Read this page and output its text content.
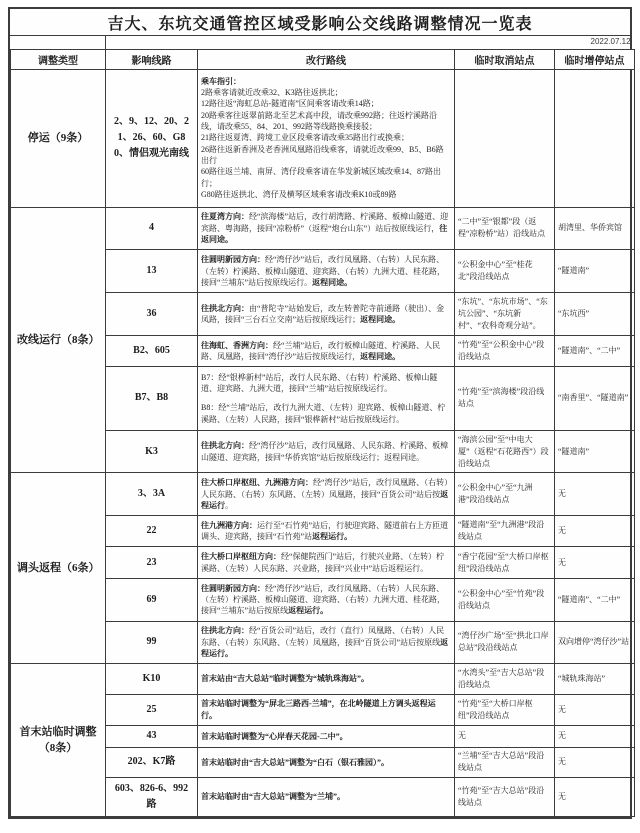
吉大、东坑交通管控区域受影响公交线路调整情况一览表
	2022.07.12			
调整类型	影响线路	改行路线	临时取消站点	临时增停站点
停运（9条）	2、9、12、20、21、26、60、G80、情侣观光南线	
乘车指引：
2路乘客请就近改乘32、K3路往返拱北；
12路往返“海虹总站-隧道南”区间乘客请改乘14路；
20路乘客往返翠前路北至艺术高中段，请改乘992路；往返柠溪路沿线，请改乘55、84、201、992路等线路换乘接驳；
21路往返夏湾、跨境工业区段乘客请改乘35路出行或换乘；
26路往返新香洲及老香洲凤凰路沿线乘客，请就近改乘99、B5、B6路出行
60路往返兰埔、南屏、湾仔段乘客请在华发新城区域改乘14、87路出行；
G80路往返拱北、湾仔及横琴区域乘客请改乘K10或89路

改线运行（8条）	4	往夏湾方向：经“滨海楼”站后，改行胡湾路、柠溪路、板樟山隧道、迎宾路、粤海路，接回“凉粉桥”（返程“炮台山东”）站后按原线运行，往返同途。	“二中”至“银都”段（返程“凉粉桥”站）沿线站点	胡湾里、华侨宾馆
	13	往圆明新园方向：经“湾仔沙”站后，改行凤凰路、（右转）人民东路、（左转）柠溪路、板樟山隧道、迎宾路、（右转）九洲大道、桂花路，接回“兰埔东”站后按原线运行。返程同途。	“公积金中心”至“桂花北”段沿线站点	“隧道南”
	36	往拱北方向：由“普陀寺”站始发后，改左转普陀寺前通路（驶出）、金凤路，接回“三台石立交南”站后按原线运行；返程同途。	“东坑”、“东坑市场”、“东坑公园”、“东坑新村”、“农科奇观分站”。	“东坑西”
	B2、605	往海虹、香洲方向：经“兰埔”站后，改行板樟山隧道、柠溪路、人民路、凤凰路，接回“湾仔沙”站后按原线运行，返程同途。	“竹苑”至“公积金中心”段沿线站点	“隧道南”、“二中”
	B7、B8	B7：经“银桦新村”站后，改行人民东路、（右转）柠溪路、板樟山隧道、迎宾路、九洲大道，接回“兰埔”站后按原线运行。
B8：经“兰埔”站后，改行九洲大道、（左转）迎宾路、板樟山隧道、柠溪路、（左转）人民路，接回“银桦新村”站后按原线运行。	“竹苑”至“滨海楼”段沿线站点	“南香里”、“隧道南”
	K3	往拱北方向：经“湾仔沙”站后，改行凤凰路、人民东路、柠溪路、板樟山隧道、迎宾路，接回“华侨宾馆”站后按原线运行；返程同途。	“海滨公园”至“中电大厦”（返程“石花路西”）段沿线站点	“隧道南”
调头返程（6条）	3、3A	往大桥口岸枢纽、九洲港方向：经“湾仔沙”站后，改行凤凰路、（右转）人民东路、（右转）东风路、（左转）凤凰路，接回“百货公司”站后按返程运行。	“公积金中心”至“九洲港”段沿线站点	无
	22	往九洲港方向：运行至“石竹苑”站后，行驶迎宾路、隧道前右上方匝道调头、迎宾路，接回“石竹苑”站返程运行。	“隧道南”至“九洲港”段沿线站点	无
	23	往大桥口岸枢纽方向：经“保健院西门”站后，行驶兴业路、（左转）柠溪路、（左转）人民东路、兴业路，接回“兴业中”站后返程运行。	“香宁花园”至“大桥口岸枢纽”段沿线站点	无
	69	往圆明新园方向：经“湾仔沙”站后，改行凤凰路、（右转）人民东路、（左转）柠溪路、板樟山隧道、迎宾路、（右转）九洲大道、桂花路，接回“兰埔东”站后按原线返程运行。	“公积金中心”至“竹苑”段沿线站点	“隧道南”、“二中”
	99	往拱北方向：经“百货公司”站后，改行（直行）凤凰路、（右转）人民东路、（右转）东风路、（左转）凤凰路，接回“百货公司”站后按原线返程运行。	“湾仔沙广场”至“拱北口岸总站”段沿线站点	双向增停“湾仔沙”站
首末站临时调整（8条）	K10	首末站由“吉大总站”临时调整为“城轨珠海站”。	“水湾头”至“吉大总站”段沿线站点	“城轨珠海站”
	25	首末站临时调整为“屏北三路西-兰埔”，在北岭隧道上方调头返程运行。	“竹苑”至“大桥口岸枢纽”段沿线站点	无
	43	首末站临时调整为“心岸春天花园-二中”。	无	无
	202、K7路	首末站临时由“吉大总站”调整为“白石（银石雅园）”。	“兰埔”至“吉大总站”段沿线站点	无
	603、826-6、992路	首末站临时由“吉大总站”调整为“兰埔”。	“竹苑”至“吉大总站”段沿线站点	无
